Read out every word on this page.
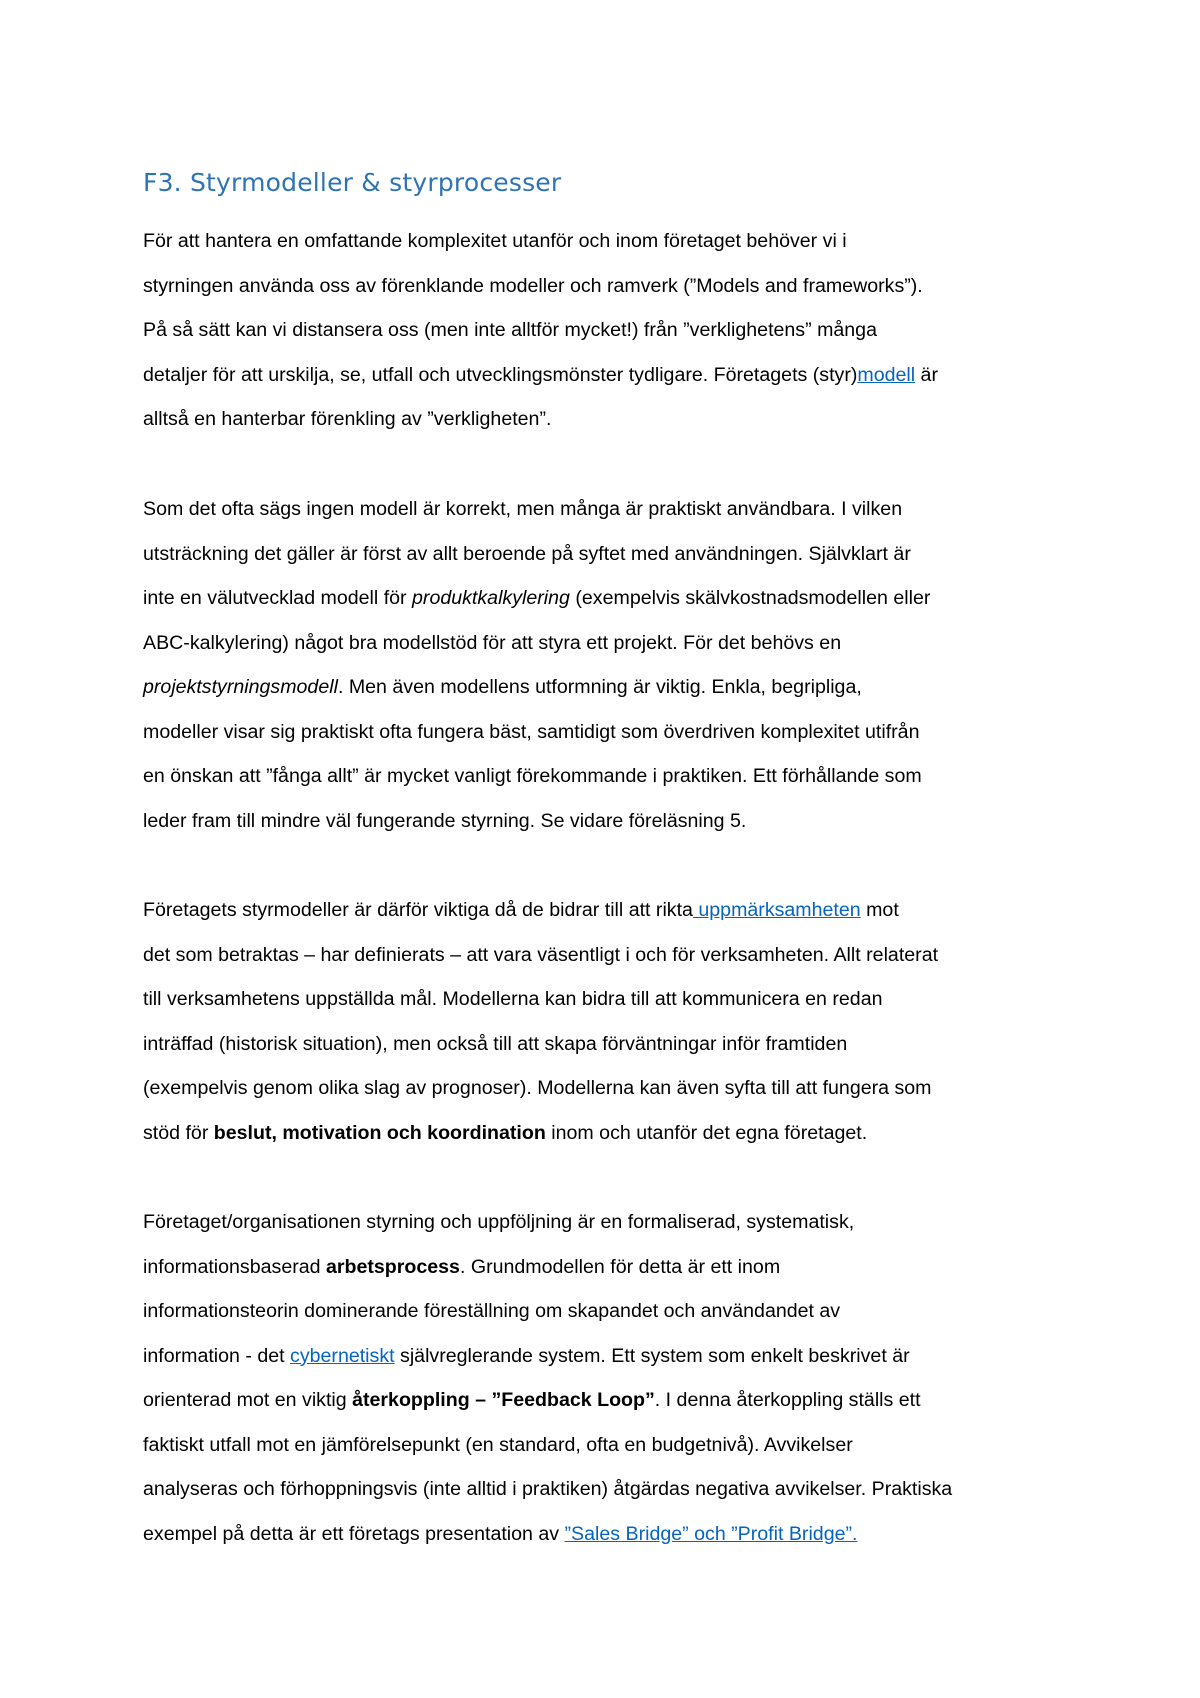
F3. Styrmodeller & styrprocesser
För att hantera en omfattande komplexitet utanför och inom företaget behöver vi i
styrningen använda oss av förenklande modeller och ramverk (”Models and frameworks”).
På så sätt kan vi distansera oss (men inte alltför mycket!) från ”verklighetens” många
detaljer för att urskilja, se, utfall och utvecklingsmönster tydligare. Företagets (styr)modell är
alltså en hanterbar förenkling av ”verkligheten”.
Som det ofta sägs ingen modell är korrekt, men många är praktiskt användbara. I vilken
utsträckning det gäller är först av allt beroende på syftet med användningen. Självklart är
inte en välutvecklad modell för produktkalkylering (exempelvis skälvkostnadsmodellen eller
ABC-kalkylering) något bra modellstöd för att styra ett projekt. För det behövs en
projektstyrningsmodell. Men även modellens utformning är viktig. Enkla, begripliga,
modeller visar sig praktiskt ofta fungera bäst, samtidigt som överdriven komplexitet utifrån
en önskan att ”fånga allt” är mycket vanligt förekommande i praktiken. Ett förhållande som
leder fram till mindre väl fungerande styrning. Se vidare föreläsning 5.
Företagets styrmodeller är därför viktiga då de bidrar till att rikta uppmärksamheten mot
det som betraktas – har definierats – att vara väsentligt i och för verksamheten. Allt relaterat
till verksamhetens uppställda mål. Modellerna kan bidra till att kommunicera en redan
inträffad (historisk situation), men också till att skapa förväntningar inför framtiden
(exempelvis genom olika slag av prognoser). Modellerna kan även syfta till att fungera som
stöd för beslut, motivation och koordination inom och utanför det egna företaget.
Företaget/organisationen styrning och uppföljning är en formaliserad, systematisk,
informationsbaserad arbetsprocess. Grundmodellen för detta är ett inom
informationsteorin dominerande föreställning om skapandet och användandet av
information - det cybernetiskt självreglerande system. Ett system som enkelt beskrivet är
orienterad mot en viktig återkoppling – ”Feedback Loop”. I denna återkoppling ställs ett
faktiskt utfall mot en jämförelsepunkt (en standard, ofta en budgetnivå). Avvikelser
analyseras och förhoppningsvis (inte alltid i praktiken) åtgärdas negativa avvikelser. Praktiska
exempel på detta är ett företags presentation av ”Sales Bridge” och ”Profit Bridge”.
